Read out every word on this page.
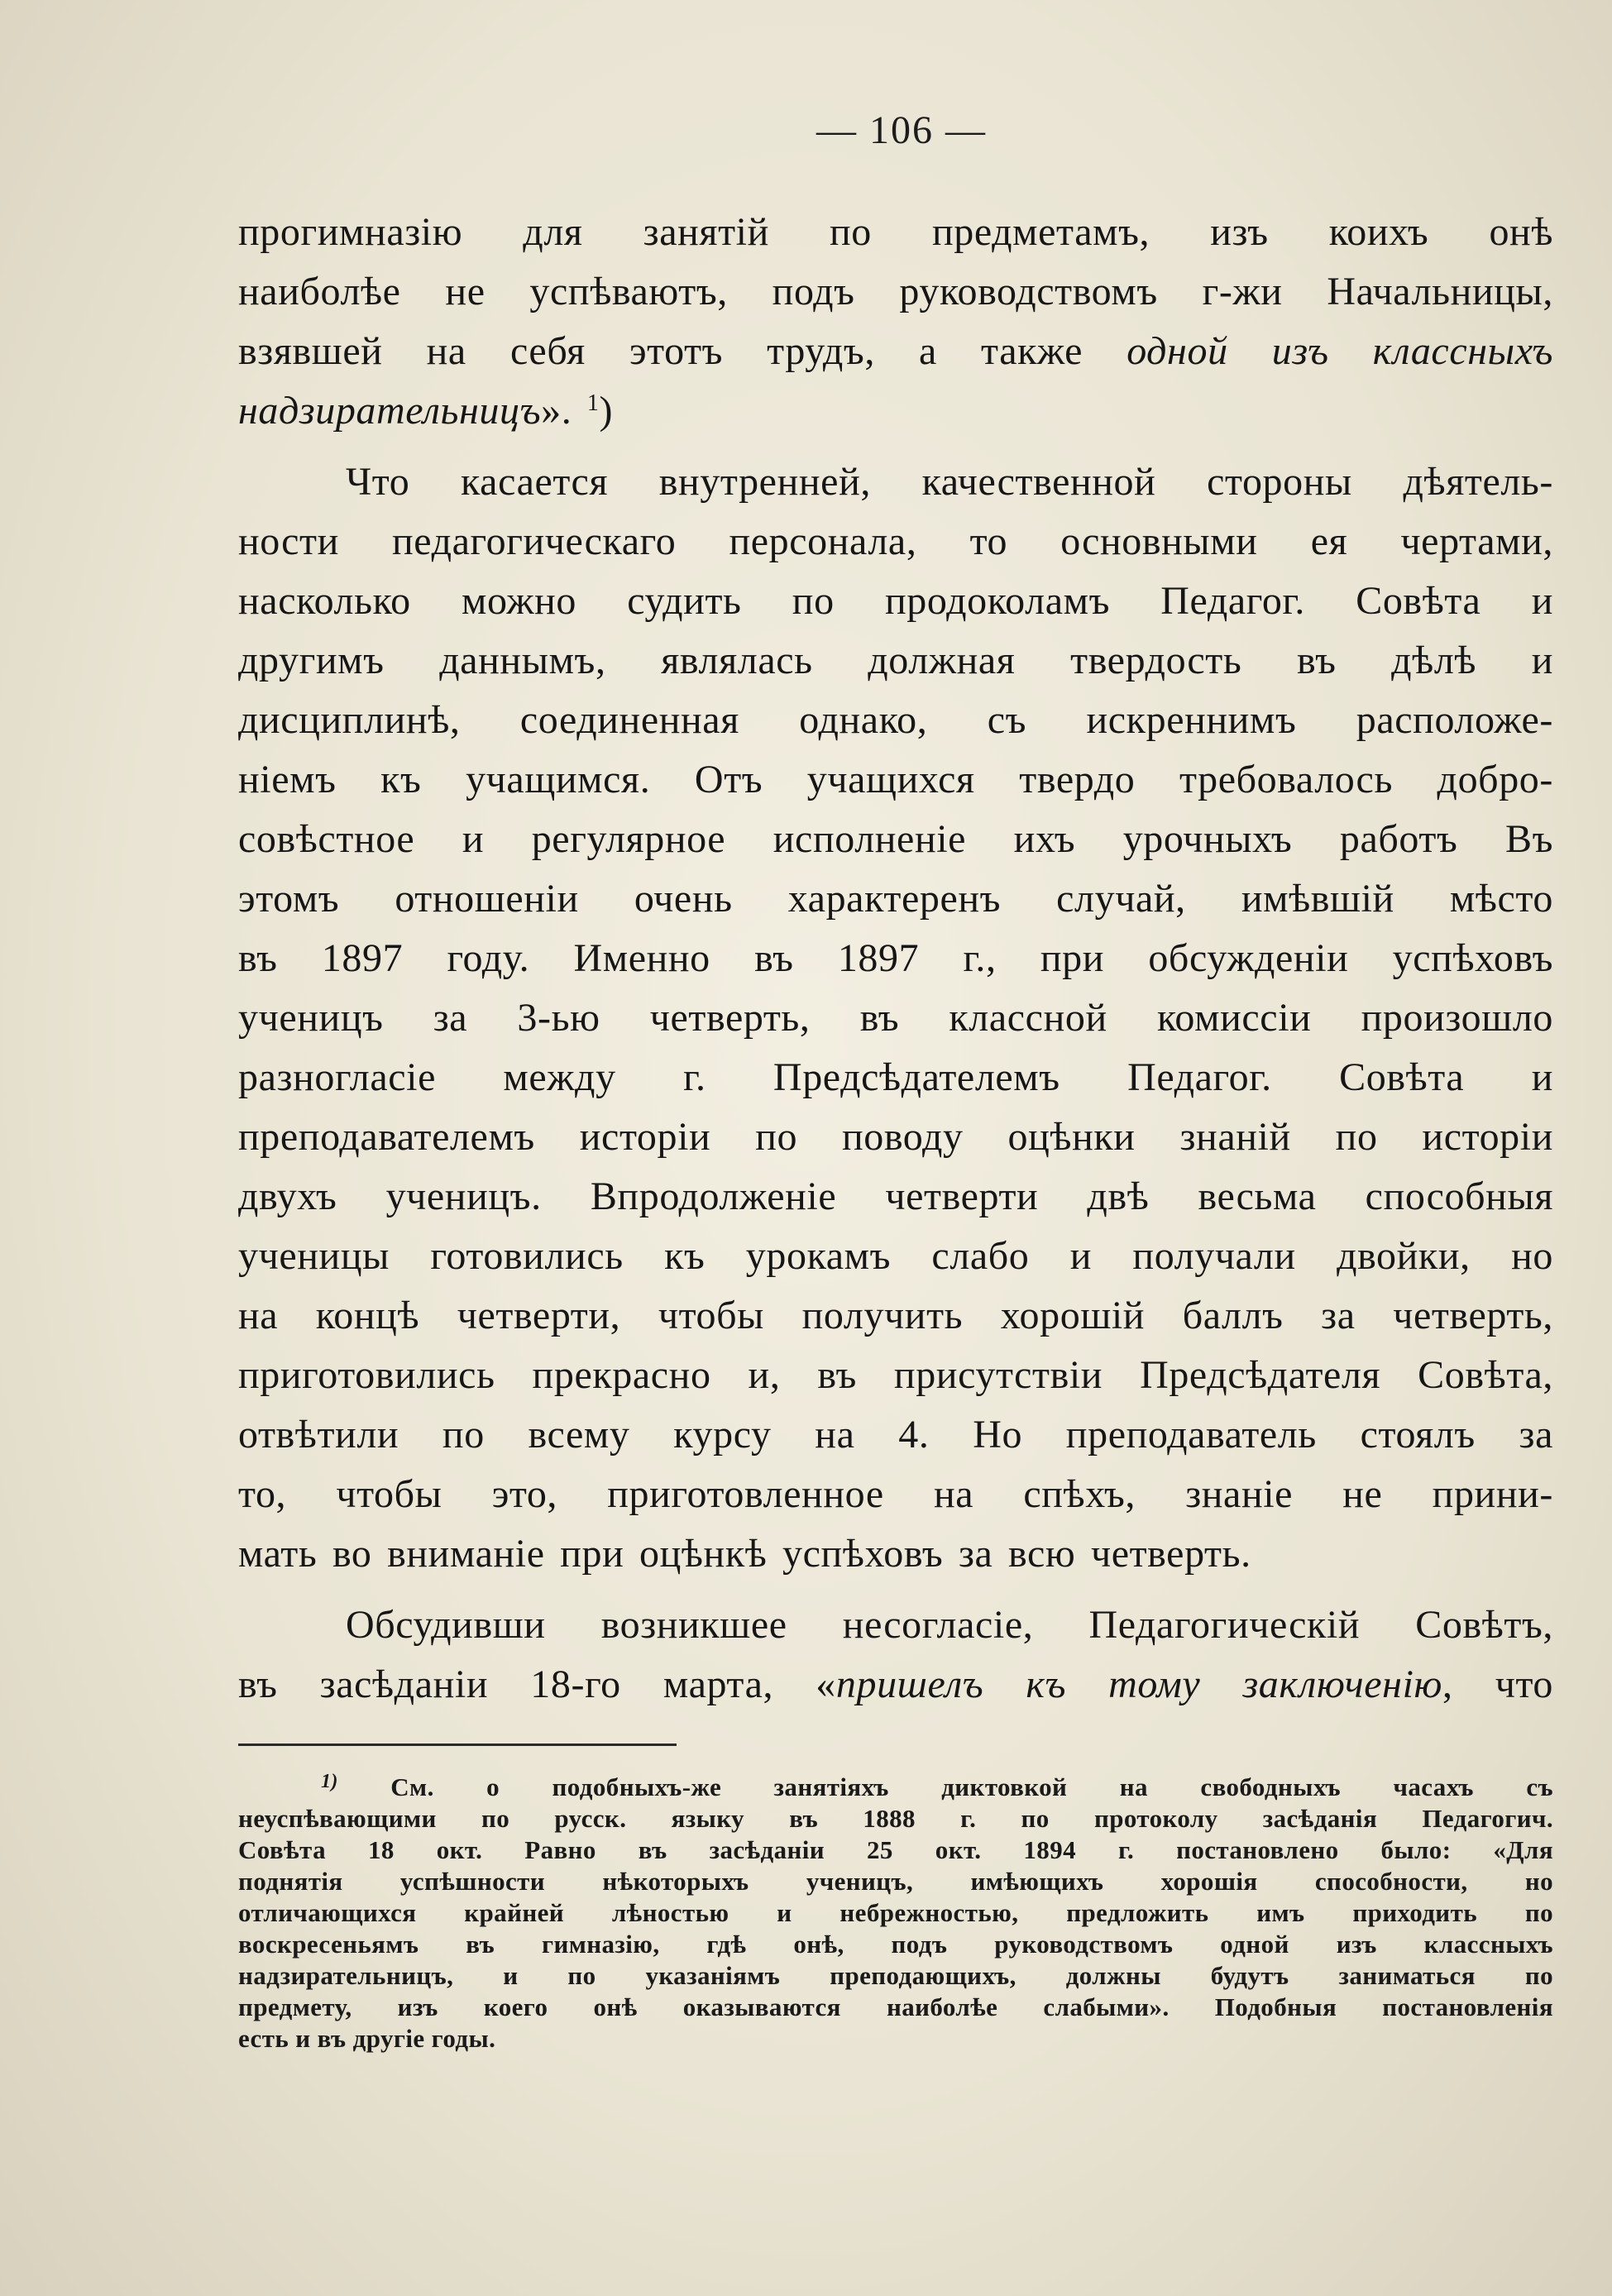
— 106 —
прогимназію для занятій по предметамъ, изъ коихъ онѣ
наиболѣе не успѣваютъ, подъ руководствомъ г-жи Начальницы,
взявшей на себя этотъ трудъ, а также одной изъ классныхъ
надзирательницъ». $^1$)
Что касается внутренней, качественной стороны дѣятель-
ности педагогическаго персонала, то основными ея чертами,
насколько можно судить по продоколамъ Педагог. Совѣта и
другимъ даннымъ, являлась должная твердость въ дѣлѣ и
дисциплинѣ, соединенная однако, съ искреннимъ расположе-
ніемъ къ учащимся. Отъ учащихся твердо требовалось добро-
совѣстное и регулярное исполненіе ихъ урочныхъ работъ Въ
этомъ отношеніи очень характеренъ случай, имѣвшій мѣсто
въ 1897 году. Именно въ 1897 г., при обсужденіи успѣховъ
ученицъ за 3-ью четверть, въ классной комиссіи произошло
разногласіе между г. Предсѣдателемъ Педагог. Совѣта и
преподавателемъ исторіи по поводу оцѣнки знаній по исторіи
двухъ ученицъ. Впродолженіе четверти двѣ весьма способныя
ученицы готовились къ урокамъ слабо и получали двойки, но
на концѣ четверти, чтобы получить хорошій баллъ за четверть,
приготовились прекрасно и, въ присутствіи Предсѣдателя Совѣта,
отвѣтили по всему курсу на 4. Но преподаватель стоялъ за
то, чтобы это, приготовленное на спѣхъ, знаніе не прини-
мать во вниманіе при оцѣнкѣ успѣховъ за всю четверть.
Обсудивши возникшее несогласіе, Педагогическій Совѣтъ,
въ засѣданіи 18-го марта, «пришелъ къ тому заключенію, что
$^{1)}$ См. о подобныхъ-же занятіяхъ диктовкой на свободныхъ часахъ съ
неуспѣвающими по русск. языку въ 1888 г. по протоколу засѣданія Педагогич.
Совѣта 18 окт. Равно въ засѣданіи 25 окт. 1894 г. постановлено было: «Для
поднятія успѣшности нѣкоторыхъ ученицъ, имѣющихъ хорошія способности, но
отличающихся крайней лѣностью и небрежностью, предложить имъ приходить по
воскресеньямъ въ гимназію, гдѣ онѣ, подъ руководствомъ одной изъ классныхъ
надзирательницъ, и по указаніямъ преподающихъ, должны будутъ заниматься по
предмету, изъ коего онѣ оказываются наиболѣе слабыми». Подобныя постановленія
есть и въ другіе годы.
